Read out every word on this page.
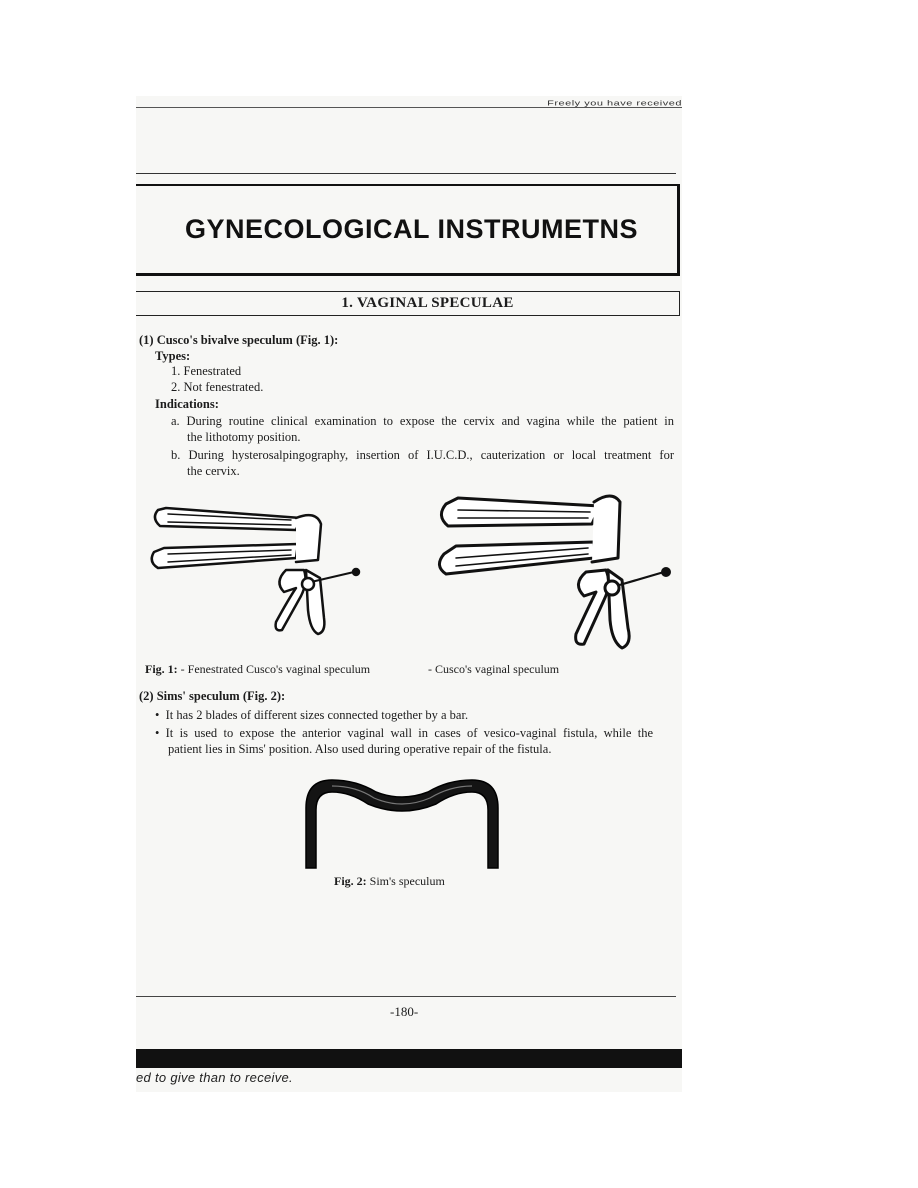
Freely you have received
GYNECOLOGICAL INSTRUMETNS
1. VAGINAL SPECULAE
(1) Cusco's bivalve speculum (Fig. 1):
Types:
1. Fenestrated
2. Not fenestrated.
Indications:
a. During routine clinical examination to expose the cervix and vagina while the patient in
the lithotomy position.
b. During hysterosalpingography, insertion of I.U.C.D., cauterization or local treatment for
the cervix.
Fig. 1: - Fenestrated Cusco's vaginal speculum	- Cusco's vaginal speculum
(2) Sims' speculum (Fig. 2):
•  It has 2 blades of different sizes connected together by a bar.
• It is used to expose the anterior vaginal wall in cases of vesico-vaginal fistula, while the
patient lies in Sims' position. Also used during operative repair of the fistula.
Fig. 2: Sim's speculum
-180-
ed to give than to receive.
